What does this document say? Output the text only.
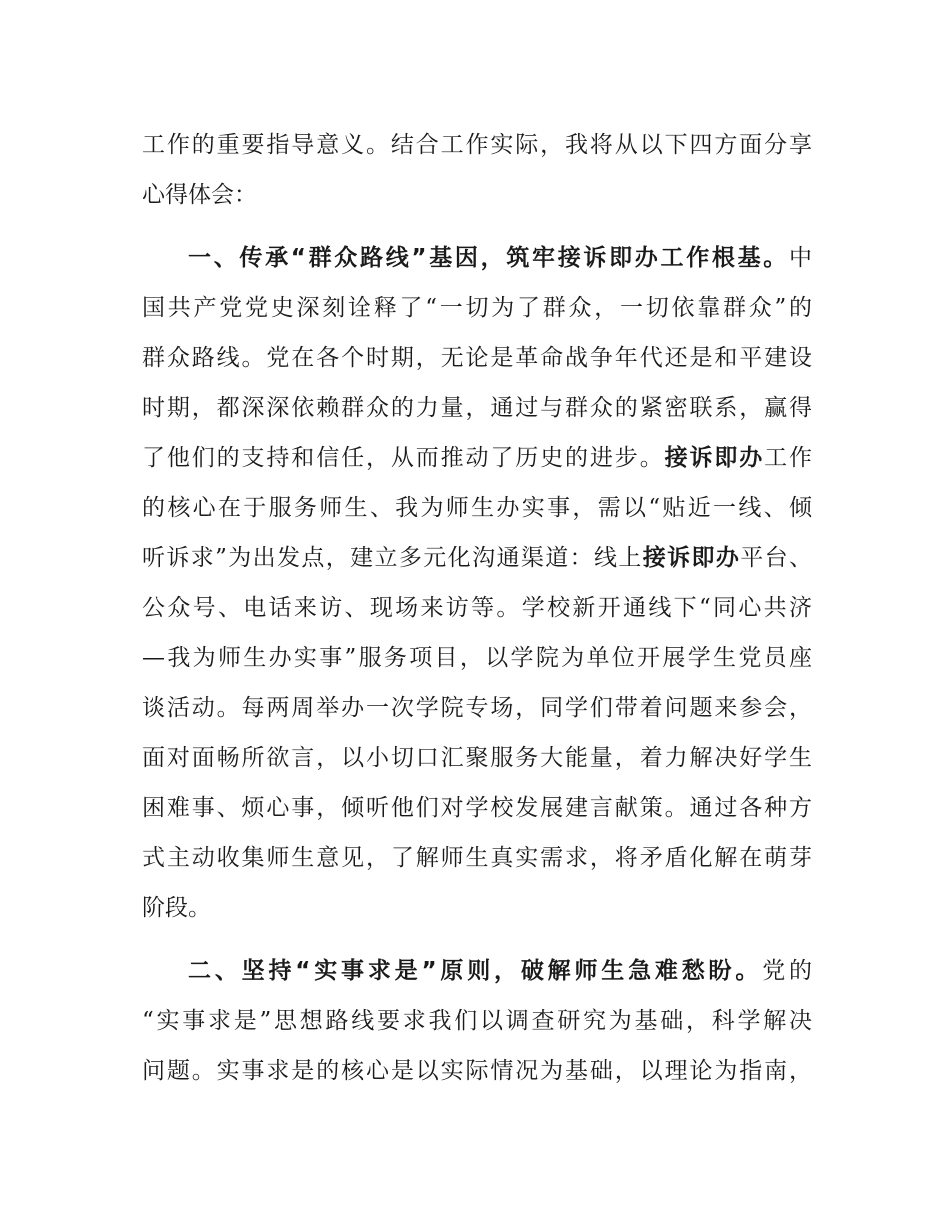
工作的重要指导意义。结合工作实际，我将从以下四方面分享
心得体会：
一、传承“群众路线”基因，筑牢接诉即办工作根基。中
国共产党党史深刻诠释了“一切为了群众，一切依靠群众”的
群众路线。党在各个时期，无论是革命战争年代还是和平建设
时期，都深深依赖群众的力量，通过与群众的紧密联系，赢得
了他们的支持和信任，从而推动了历史的进步。接诉即办工作
的核心在于服务师生、我为师生办实事，需以“贴近一线、倾
听诉求”为出发点，建立多元化沟通渠道：线上接诉即办平台、
公众号、电话来访、现场来访等。学校新开通线下“同心共济
—我为师生办实事”服务项目，以学院为单位开展学生党员座
谈活动。每两周举办一次学院专场，同学们带着问题来参会，
面对面畅所欲言，以小切口汇聚服务大能量，着力解决好学生
困难事、烦心事，倾听他们对学校发展建言献策。通过各种方
式主动收集师生意见，了解师生真实需求，将矛盾化解在萌芽
阶段。
二、坚持“实事求是”原则，破解师生急难愁盼。党的
“实事求是”思想路线要求我们以调查研究为基础，科学解决
问题。实事求是的核心是以实际情况为基础，以理论为指南，
